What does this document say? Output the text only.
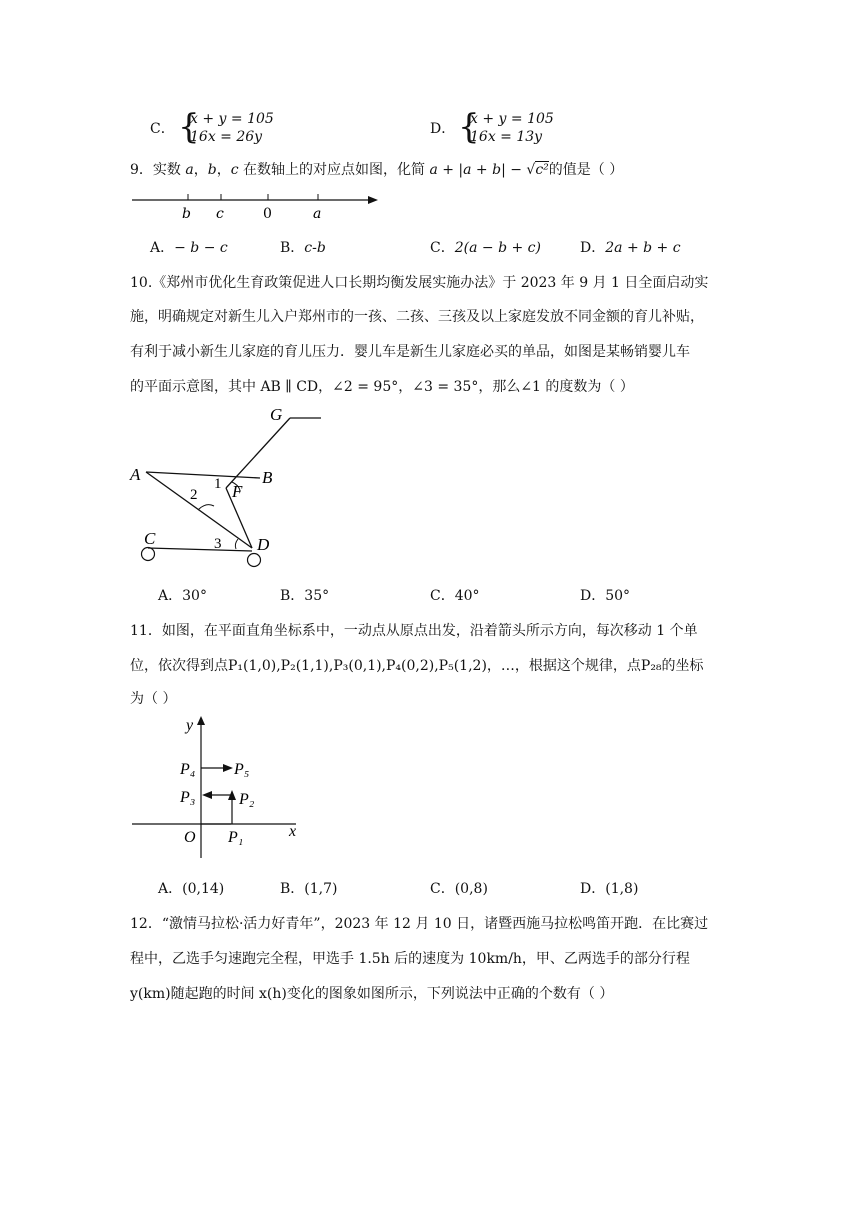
C． {
x + y = 105
16x = 26y	D． {
x + y = 105
16x = 13y
9．实数 a，b，c 在数轴上的对应点如图，化简 a + |a + b| − √c²的值是（ ）
b c	0	a
A．− b − c	B．c-b	C．2(a − b + c)	D．2a + b + c
10.《郑州市优化生育政策促进人口长期均衡发展实施办法》于 2023 年 9 月 1 日全面启动实
施，明确规定对新生儿入户郑州市的一孩、二孩、三孩及以上家庭发放不同金额的育儿补贴，
有利于减小新生儿家庭的育儿压力．婴儿车是新生儿家庭必买的单品，如图是某畅销婴儿车
的平面示意图，其中 AB ∥ CD，∠2 = 95°，∠3 = 35°，那么∠1 的度数为（ ）
G
A	B
1 F
2
C	3 D
A．30°	B．35°	C．40°	D．50°
11．如图，在平面直角坐标系中，一动点从原点出发，沿着箭头所示方向，每次移动 1 个单
位，依次得到点P₁(1,0),P₂(1,1),P₃(0,1),P₄(0,2),P₅(1,2)，…，根据这个规律，点P₂₈的坐标
为（ ）
y
P₄ P₅
P₃	P₂
O P₁	x
A．(0,14)	B．(1,7)	C．(0,8)	D．(1,8)
12．“激情马拉松·活力好青年”，2023 年 12 月 10 日，诸暨西施马拉松鸣笛开跑．在比赛过
程中，乙选手匀速跑完全程，甲选手 1.5h 后的速度为 10km/h，甲、乙两选手的部分行程
y(km)随起跑的时间 x(h)变化的图象如图所示，下列说法中正确的个数有（ ）
